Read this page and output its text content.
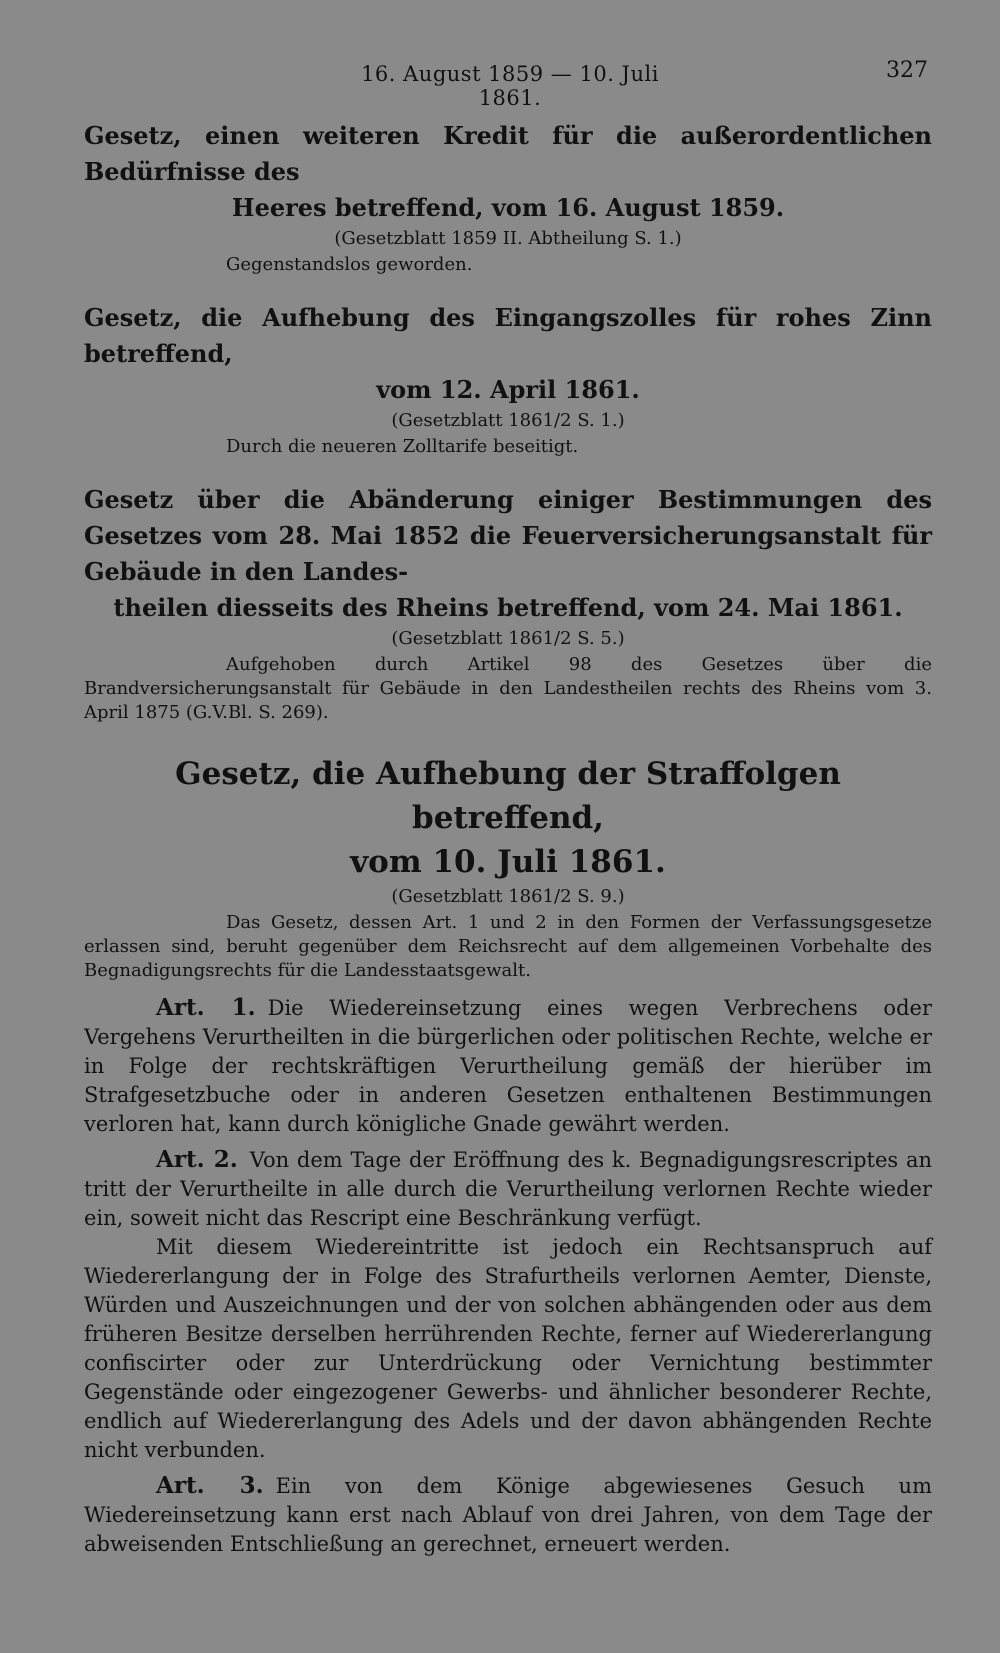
16. August 1859 — 10. Juli 1861.
327

Gesetz, einen weiteren Kredit für die außerordentlichen Bedürfnisse des
Heeres betreffend, vom 16. August 1859.

(Gesetzblatt 1859 II. Abtheilung S. 1.)
Gegenstandslos geworden.

Gesetz, die Aufhebung des Eingangszolles für rohes Zinn betreffend,
vom 12. April 1861.

(Gesetzblatt 1861/2 S. 1.)
Durch die neueren Zolltarife beseitigt.

Gesetz über die Abänderung einiger Bestimmungen des Gesetzes vom 28. Mai 1852 die Feuerversicherungsanstalt für Gebäude in den Landes-
theilen diesseits des Rheins betreffend, vom 24. Mai 1861.

(Gesetzblatt 1861/2 S. 5.)
Aufgehoben durch Artikel 98 des Gesetzes über die Brandversicherungsanstalt für Gebäude in den Landestheilen rechts des Rheins vom 3. April 1875 (G.V.Bl. S. 269).

Gesetz, die Aufhebung der Straffolgen betreffend,
vom 10. Juli 1861.

(Gesetzblatt 1861/2 S. 9.)
Das Gesetz, dessen Art. 1 und 2 in den Formen der Verfassungsgesetze erlassen sind, beruht gegenüber dem Reichsrecht auf dem allgemeinen Vorbehalte des Begnadigungsrechts für die Landesstaatsgewalt.

Art. 1. Die Wiedereinsetzung eines wegen Verbrechens oder Vergehens Verurtheilten in die bürgerlichen oder politischen Rechte, welche er in Folge der rechtskräftigen Verurtheilung gemäß der hierüber im Strafgesetzbuche oder in anderen Gesetzen enthaltenen Bestimmungen verloren hat, kann durch königliche Gnade gewährt werden.

Art. 2. Von dem Tage der Eröffnung des k. Begnadigungsrescriptes an tritt der Verurtheilte in alle durch die Verurtheilung verlornen Rechte wieder ein, soweit nicht das Rescript eine Beschränkung verfügt.

Mit diesem Wiedereintritte ist jedoch ein Rechtsanspruch auf Wiedererlangung der in Folge des Strafurtheils verlornen Aemter, Dienste, Würden und Auszeichnungen und der von solchen abhängenden oder aus dem früheren Besitze derselben herrührenden Rechte, ferner auf Wiedererlangung confiscirter oder zur Unterdrückung oder Vernichtung bestimmter Gegenstände oder eingezogener Gewerbs- und ähnlicher besonderer Rechte, endlich auf Wiedererlangung des Adels und der davon abhängenden Rechte nicht verbunden.

Art. 3. Ein von dem Könige abgewiesenes Gesuch um Wiedereinsetzung kann erst nach Ablauf von drei Jahren, von dem Tage der abweisenden Entschließung an gerechnet, erneuert werden.
